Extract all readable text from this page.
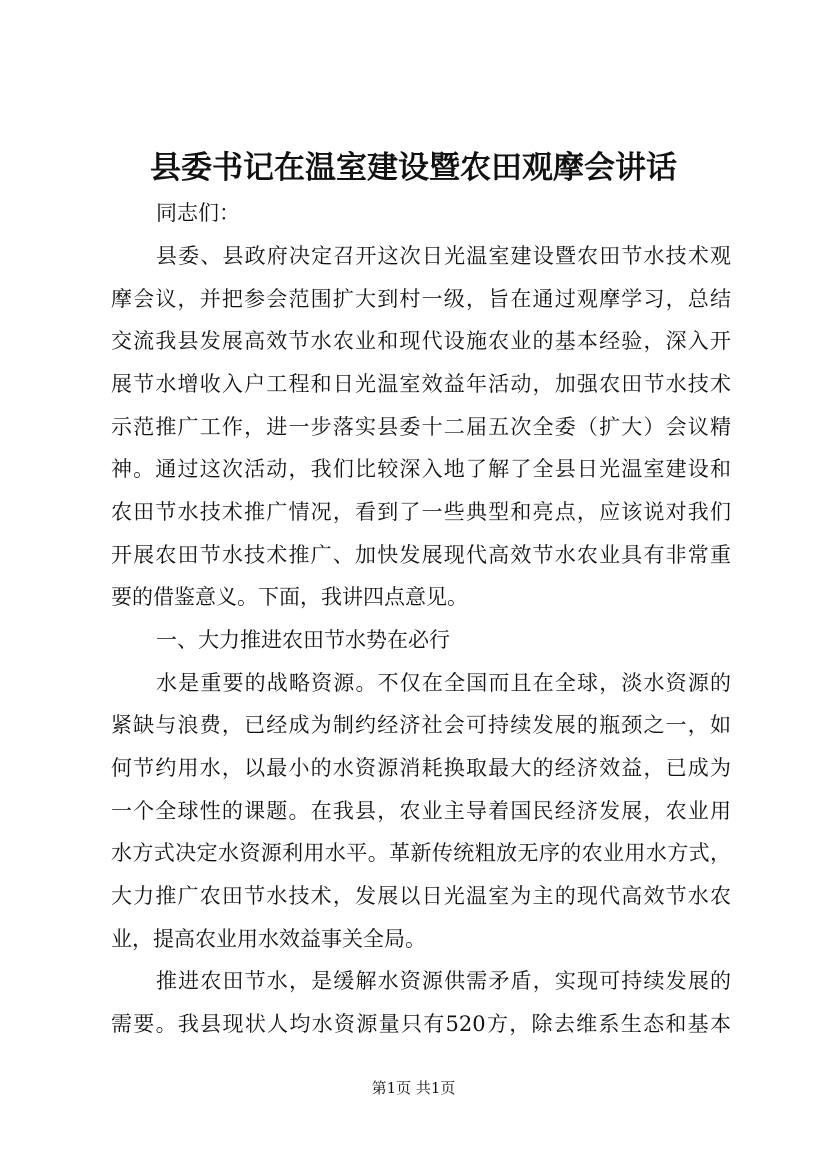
县委书记在温室建设暨农田观摩会讲话
同志们：
县委、县政府决定召开这次日光温室建设暨农田节水技术观
摩会议，并把参会范围扩大到村一级，旨在通过观摩学习，总结
交流我县发展高效节水农业和现代设施农业的基本经验，深入开
展节水增收入户工程和日光温室效益年活动，加强农田节水技术
示范推广工作，进一步落实县委十二届五次全委（扩大）会议精
神。通过这次活动，我们比较深入地了解了全县日光温室建设和
农田节水技术推广情况，看到了一些典型和亮点，应该说对我们
开展农田节水技术推广、加快发展现代高效节水农业具有非常重
要的借鉴意义。下面，我讲四点意见。
一、大力推进农田节水势在必行
水是重要的战略资源。不仅在全国而且在全球，淡水资源的
紧缺与浪费，已经成为制约经济社会可持续发展的瓶颈之一，如
何节约用水，以最小的水资源消耗换取最大的经济效益，已成为
一个全球性的课题。在我县，农业主导着国民经济发展，农业用
水方式决定水资源利用水平。革新传统粗放无序的农业用水方式，
大力推广农田节水技术，发展以日光温室为主的现代高效节水农
业，提高农业用水效益事关全局。
推进农田节水，是缓解水资源供需矛盾，实现可持续发展的
需要。我县现状人均水资源量只有520方，除去维系生态和基本
第1页 共1页
